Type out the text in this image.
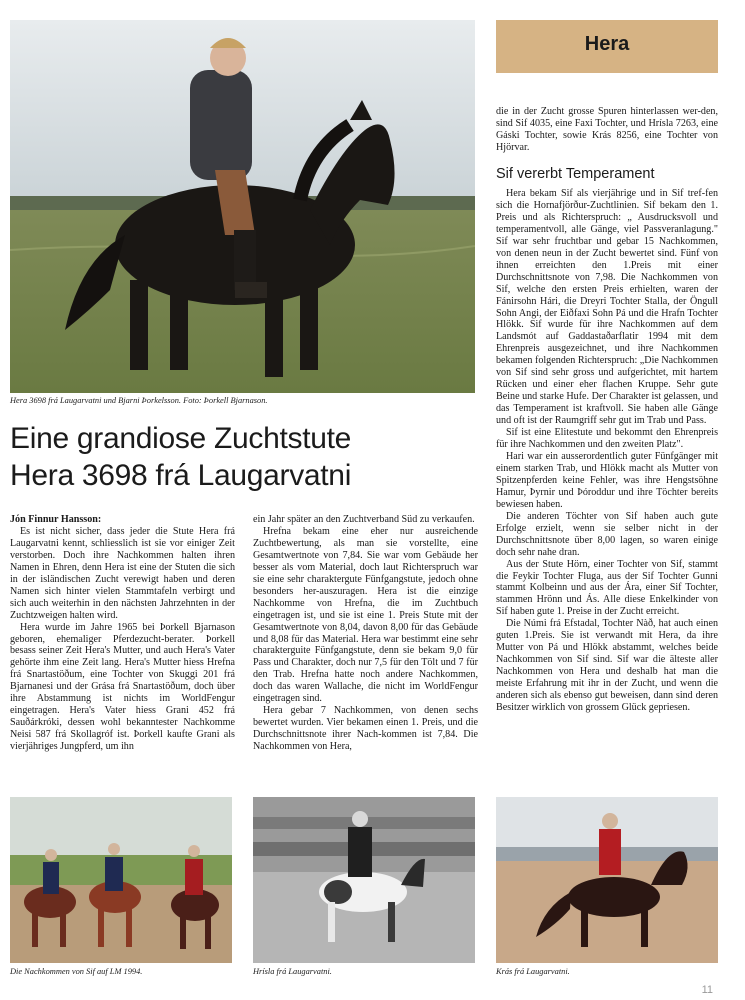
Hera 3698 frá Laugarvatni und Bjarni Þorkelsson. Foto: Þorkell Bjarnason.
Eine grandiose Zuchtstute
Hera 3698 frá Laugarvatni

Jón Finnur Hansson:

Es ist nicht sicher, dass jeder die Stute Hera frá Laugarvatni kennt, schliesslich ist sie vor einiger Zeit verstorben. Doch ihre Nachkommen halten ihren Namen in Ehren, denn Hera ist eine der Stuten die sich in der isländischen Zucht verewigt haben und deren Namen sich hinter vielen Stammtafeln verbirgt und sich auch weiterhin in den nächsten Jahrzehnten in der Zuchtzweigen halten wird.

Hera wurde im Jahre 1965 bei Þorkell Bjarnason geboren, ehemaliger Pferdezucht-berater. Þorkell besass seiner Zeit Hera's Mutter, und auch Hera's Vater gehörte ihm eine Zeit lang. Hera's Mutter hiess Hrefna frá Snartastöðum, eine Tochter von Skuggi 201 frá Bjarnanesi und der Grása frá Snartastöðum, doch über ihre Abstammung ist nichts im WorldFengur eingetragen. Hera's Vater hiess Grani 452 frá Sauðárkróki, dessen wohl bekanntester Nachkomme Neisi 587 frá Skollagróf ist. Þorkell kaufte Grani als vierjähriges Jungpferd, um ihn

ein Jahr später an den Zuchtverband Süd zu verkaufen.

Hrefna bekam eine eher nur ausreichende Zuchtbewertung, als man sie vorstellte, eine Gesamtwertnote von 7,84. Sie war vom Gebäude her besser als vom Material, doch laut Richterspruch war sie eine sehr charaktergute Fünfgangstute, jedoch ohne besonders her-auszuragen. Hera ist die einzige Nachkomme von Hrefna, die im Zuchtbuch eingetragen ist, und sie ist eine 1. Preis Stute mit der Gesamtwertnote von 8,04, davon 8,00 für das Gebäude und 8,08 für das Material. Hera war bestimmt eine sehr charakterguite Fünfgangstute, denn sie bekam 9,0 für Pass und Charakter, doch nur 7,5 für den Tölt und 7 für den Trab. Hrefna hatte noch andere Nachkommen, doch das waren Wallache, die nicht im WorldFengur eingetragen sind.

Hera gebar 7 Nachkommen, von denen sechs bewertet wurden. Vier bekamen einen 1. Preis, und die Durchschnittsnote ihrer Nach-kommen ist 7,84. Die Nachkommen von Hera,

Hera

die in der Zucht grosse Spuren hinterlassen wer-den, sind Sif 4035, eine Faxi Tochter, und Hrísla 7263, eine Gáski Tochter, sowie Krás 8256, eine Tochter von Hjörvar.

Sif vererbt Temperament

Hera bekam Sif als vierjährige und in Sif tref-fen sich die Hornafjörður-Zuchtlinien. Sif bekam den 1. Preis und als Richterspruch: „ Ausdrucksvoll und temperamentvoll, alle Gänge, viel Passveranlagung." Sif war sehr fruchtbar und gebar 15 Nachkommen, von denen neun in der Zucht bewertet sind. Fünf von ihnen erreichten den 1.Preis mit einer Durchschnittsnote von 7,98. Die Nachkommen von Sif, welche den ersten Preis erhielten, waren der Fánirsohn Hári, die Dreyri Tochter Stalla, der Öngull Sohn Angi, der Eiðfaxi Sohn Pá und die Hrafn Tochter Hlökk. Sif wurde für ihre Nachkommen auf dem Landsmót auf Gaddastaðarflatir 1994 mit dem Ehrenpreis ausgezeichnet, und ihre Nachkommen bekamen folgenden Richterspruch: „Die Nachkommen von Sif sind sehr gross und aufgerichtet, mit hartem Rücken und einer eher flachen Kruppe. Sehr gute Beine und starke Hufe. Der Charakter ist gelassen, und das Temperament ist kraftvoll. Sie haben alle Gänge und oft ist der Raumgriff sehr gut im Trab und Pass.

Sif ist eine Elitestute und bekommt den Ehrenpreis für ihre Nachkommen und den zweiten Platz".

Hari war ein ausserordentlich guter Fünfgänger mit einem starken Trab, und Hlökk macht als Mutter von Spitzenpferden keine Fehler, was ihre Hengstsöhne Hamur, Þyrnir und Þóroddur und ihre Töchter bereits bewiesen haben.

Die anderen Töchter von Sif haben auch gute Erfolge erzielt, wenn sie selber nicht in der Durchschnittsnote über 8,00 lagen, so waren einige doch sehr nahe dran.

Aus der Stute Hörn, einer Tochter von Sif, stammt die Feykir Tochter Fluga, aus der Sif Tochter Gunni stammt Kolbeinn und aus der Ára, einer Sif Tochter, stammen Hrönn und Ás. Alle diese Enkelkinder von Sif haben gute 1. Preise in der Zucht erreicht.

Die Númi frá Efstadal, Tochter Nàð, hat auch einen guten 1.Preis. Sie ist verwandt mit Hera, da ihre Mutter von Pá und Hlökk abstammt, welches beide Nachkommen von Sif sind. Sif war die älteste aller Nachkommen von Hera und deshalb hat man die meiste Erfahrung mit ihr in der Zucht, und wenn die anderen sich als ebenso gut beweisen, dann sind deren Besitzer wirklich von grossem Glück gepriesen.

Die Nachkommen von Sif auf LM 1994.	Hrísla frá Laugarvatni.	Krás frá Laugarvatni.
11
